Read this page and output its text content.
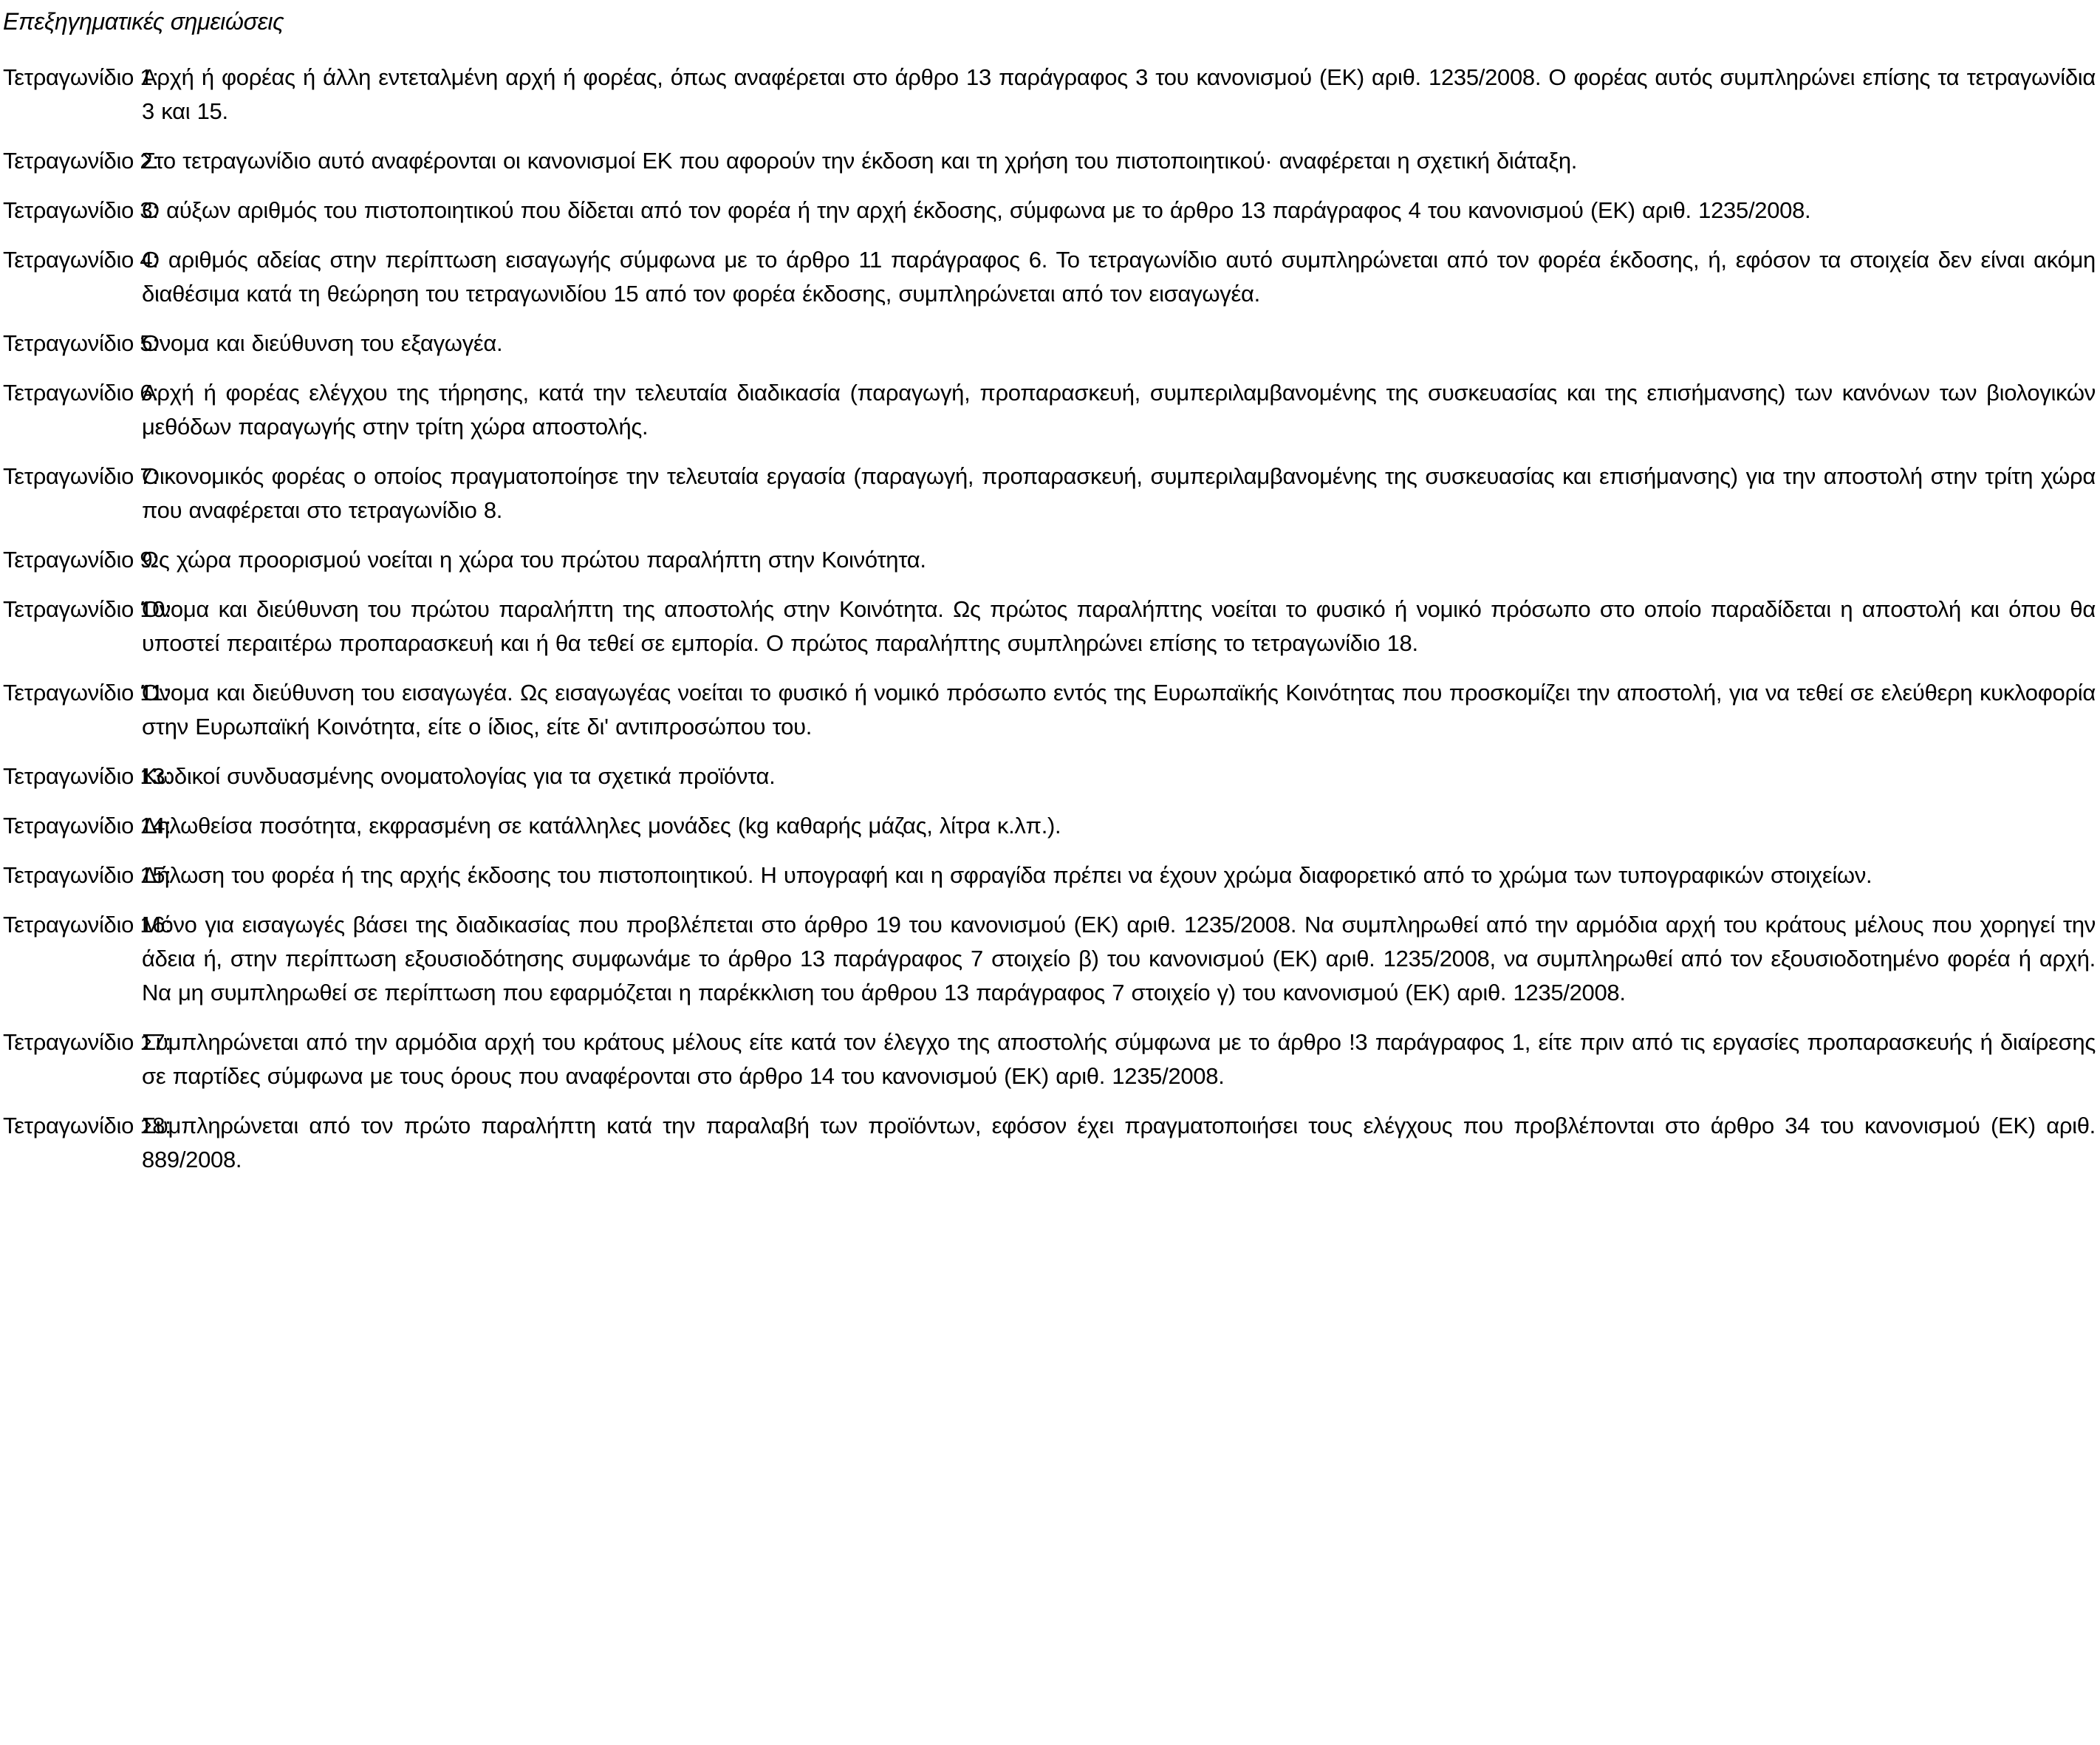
Επεξηγηματικές σημειώσεις
Τετραγωνίδιο 1:
Αρχή ή φορέας ή άλλη εντεταλμένη αρχή ή φορέας, όπως αναφέρεται στο άρθρο 13 παράγραφος 3 του κανονισμού (ΕΚ) αριθ. 1235/2008. Ο φορέας αυτός συμπληρώνει επίσης τα τετραγωνίδια 3 και 15.
Τετραγωνίδιο 2:
Στο τετραγωνίδιο αυτό αναφέρονται οι κανονισμοί ΕΚ που αφορούν την έκδοση και τη χρήση του πιστοποιητικού· αναφέρεται η σχετική διάταξη.
Τετραγωνίδιο 3:
Ο αύξων αριθμός του πιστοποιητικού που δίδεται από τον φορέα ή την αρχή έκδοσης, σύμφωνα με το άρθρο 13 παράγραφος 4 του κανονισμού (ΕΚ) αριθ. 1235/2008.
Τετραγωνίδιο 4:
Ο αριθμός αδείας στην περίπτωση εισαγωγής σύμφωνα με το άρθρο 11 παράγραφος 6. Το τετραγωνίδιο αυτό συμπληρώνεται από τον φορέα έκδοσης, ή, εφόσον τα στοιχεία δεν είναι ακόμη διαθέσιμα κατά τη θεώρηση του τετραγωνιδίου 15 από τον φορέα έκδοσης, συμπληρώνεται από τον εισαγωγέα.
Τετραγωνίδιο 5:
Όνομα και διεύθυνση του εξαγωγέα.
Τετραγωνίδιο 6:
Αρχή ή φορέας ελέγχου της τήρησης, κατά την τελευταία διαδικασία (παραγωγή, προπαρασκευή, συμπεριλαμβανομένης της συσκευασίας και της επισήμανσης) των κανόνων των βιολογικών μεθόδων παραγωγής στην τρίτη χώρα αποστολής.
Τετραγωνίδιο 7:
Οικονομικός φορέας ο οποίος πραγματοποίησε την τελευταία εργασία (παραγωγή, προπαρασκευή, συμπεριλαμβανομένης της συσκευασίας και επισήμανσης) για την αποστολή στην τρίτη χώρα που αναφέρεται στο τετραγωνίδιο 8.
Τετραγωνίδιο 9:
Ως χώρα προορισμού νοείται η χώρα του πρώτου παραλήπτη στην Κοινότητα.
Τετραγωνίδιο 10:
Όνομα και διεύθυνση του πρώτου παραλήπτη της αποστολής στην Κοινότητα. Ως πρώτος παραλήπτης νοείται το φυσικό ή νομικό πρόσωπο στο οποίο παραδίδεται η αποστολή και όπου θα υποστεί περαιτέρω προπαρασκευή και ή θα τεθεί σε εμπορία. Ο πρώτος παραλήπτης συμπληρώνει επίσης το τετραγωνίδιο 18.
Τετραγωνίδιο 11:
Όνομα και διεύθυνση του εισαγωγέα. Ως εισαγωγέας νοείται το φυσικό ή νομικό πρόσωπο εντός της Ευρωπαϊκής Κοινότητας που προσκομίζει την αποστολή, για να τεθεί σε ελεύθερη κυκλοφορία στην Ευρωπαϊκή Κοινότητα, είτε ο ίδιος, είτε δι' αντιπροσώπου του.
Τετραγωνίδιο 13:
Κωδικοί συνδυασμένης ονοματολογίας για τα σχετικά προϊόντα.
Τετραγωνίδιο 14:
Δηλωθείσα ποσότητα, εκφρασμένη σε κατάλληλες μονάδες (kg καθαρής μάζας, λίτρα κ.λπ.).
Τετραγωνίδιο 15:
Δήλωση του φορέα ή της αρχής έκδοσης του πιστοποιητικού. Η υπογραφή και η σφραγίδα πρέπει να έχουν χρώμα διαφορετικό από το χρώμα των τυπογραφικών στοιχείων.
Τετραγωνίδιο 16:
Μόνο για εισαγωγές βάσει της διαδικασίας που προβλέπεται στο άρθρο 19 του κανονισμού (ΕΚ) αριθ. 1235/2008. Να συμπληρωθεί από την αρμόδια αρχή του κράτους μέλους που χορηγεί την άδεια ή, στην περίπτωση εξουσιοδότησης συμφωνάμε το άρθρο 13 παράγραφος 7 στοιχείο β) του κανονισμού (ΕΚ) αριθ. 1235/2008, να συμπληρωθεί από τον εξουσιοδοτημένο φορέα ή αρχή. Να μη συμπληρωθεί σε περίπτωση που εφαρμόζεται η παρέκκλιση του άρθρου 13 παράγραφος 7 στοιχείο γ) του κανονισμού (ΕΚ) αριθ. 1235/2008.
Τετραγωνίδιο 17:
Συμπληρώνεται από την αρμόδια αρχή του κράτους μέλους είτε κατά τον έλεγχο της αποστολής σύμφωνα με το άρθρο !3 παράγραφος 1, είτε πριν από τις εργασίες προπαρασκευής ή διαίρεσης σε παρτίδες σύμφωνα με τους όρους που αναφέρονται στο άρθρο 14 του κανονισμού (ΕΚ) αριθ. 1235/2008.
Τετραγωνίδιο 18:
Συμπληρώνεται από τον πρώτο παραλήπτη κατά την παραλαβή των προϊόντων, εφόσον έχει πραγματοποιήσει τους ελέγχους που προβλέπονται στο άρθρο 34 του κανονισμού (ΕΚ) αριθ. 889/2008.
